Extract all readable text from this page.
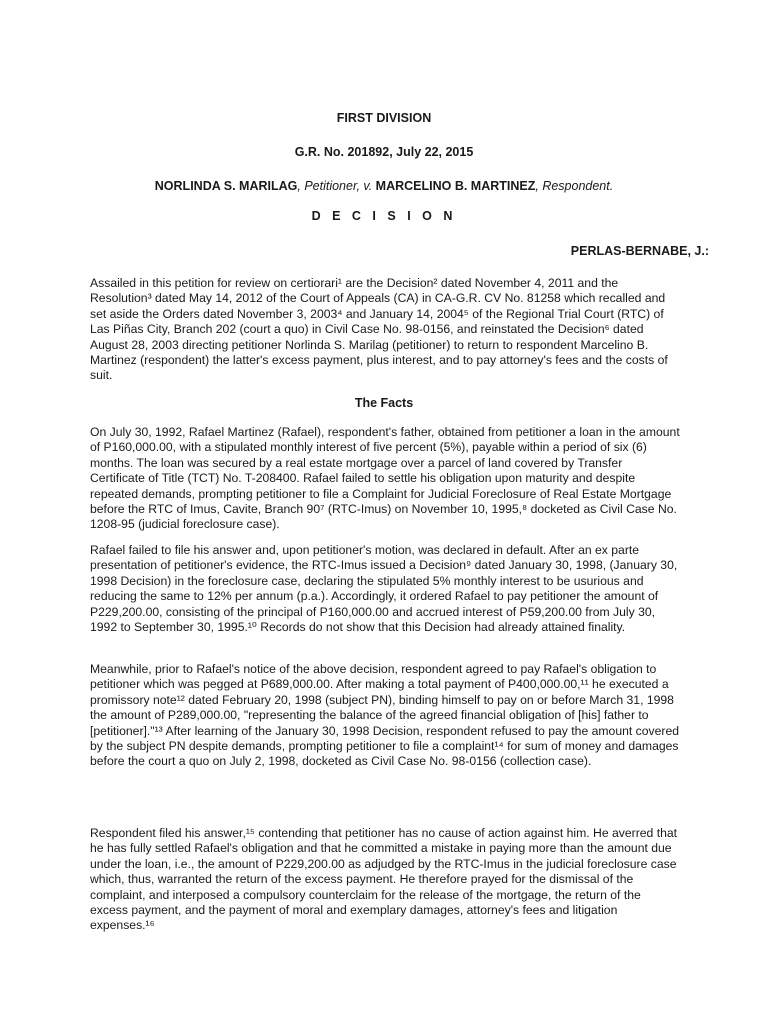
FIRST DIVISION
G.R. No. 201892, July 22, 2015
NORLINDA S. MARILAG, Petitioner, v. MARCELINO B. MARTINEZ, Respondent.
D E C I S I O N
PERLAS-BERNABE, J.:

Assailed in this petition for review on certiorari¹ are the Decision² dated November 4, 2011 and the Resolution³ dated May 14, 2012 of the Court of Appeals (CA) in CA-G.R. CV No. 81258 which recalled and set aside the Orders dated November 3, 2003⁴ and January 14, 2004⁵ of the Regional Trial Court (RTC) of Las Piñas City, Branch 202 (court a quo) in Civil Case No. 98-0156, and reinstated the Decision⁶ dated August 28, 2003 directing petitioner Norlinda S. Marilag (petitioner) to return to respondent Marcelino B. Martinez (respondent) the latter's excess payment, plus interest, and to pay attorney's fees and the costs of suit.

The Facts

On July 30, 1992, Rafael Martinez (Rafael), respondent's father, obtained from petitioner a loan in the amount of P160,000.00, with a stipulated monthly interest of five percent (5%), payable within a period of six (6) months. The loan was secured by a real estate mortgage over a parcel of land covered by Transfer Certificate of Title (TCT) No. T-208400. Rafael failed to settle his obligation upon maturity and despite repeated demands, prompting petitioner to file a Complaint for Judicial Foreclosure of Real Estate Mortgage before the RTC of Imus, Cavite, Branch 90⁷ (RTC-Imus) on November 10, 1995,⁸ docketed as Civil Case No. 1208-95 (judicial foreclosure case).

Rafael failed to file his answer and, upon petitioner's motion, was declared in default. After an ex parte presentation of petitioner's evidence, the RTC-Imus issued a Decision⁹ dated January 30, 1998, (January 30, 1998 Decision) in the foreclosure case, declaring the stipulated 5% monthly interest to be usurious and reducing the same to 12% per annum (p.a.). Accordingly, it ordered Rafael to pay petitioner the amount of P229,200.00, consisting of the principal of P160,000.00 and accrued interest of P59,200.00 from July 30, 1992 to September 30, 1995.¹⁰ Records do not show that this Decision had already attained finality.

Meanwhile, prior to Rafael's notice of the above decision, respondent agreed to pay Rafael's obligation to petitioner which was pegged at P689,000.00. After making a total payment of P400,000.00,¹¹ he executed a promissory note¹² dated February 20, 1998 (subject PN), binding himself to pay on or before March 31, 1998 the amount of P289,000.00, "representing the balance of the agreed financial obligation of [his] father to [petitioner]."¹³ After learning of the January 30, 1998 Decision, respondent refused to pay the amount covered by the subject PN despite demands, prompting petitioner to file a complaint¹⁴ for sum of money and damages before the court a quo on July 2, 1998, docketed as Civil Case No. 98-0156 (collection case).

Respondent filed his answer,¹⁵ contending that petitioner has no cause of action against him. He averred that he has fully settled Rafael's obligation and that he committed a mistake in paying more than the amount due under the loan, i.e., the amount of P229,200.00 as adjudged by the RTC-Imus in the judicial foreclosure case which, thus, warranted the return of the excess payment. He therefore prayed for the dismissal of the complaint, and interposed a compulsory counterclaim for the release of the mortgage, the return of the excess payment, and the payment of moral and exemplary damages, attorney's fees and litigation expenses.¹⁶
